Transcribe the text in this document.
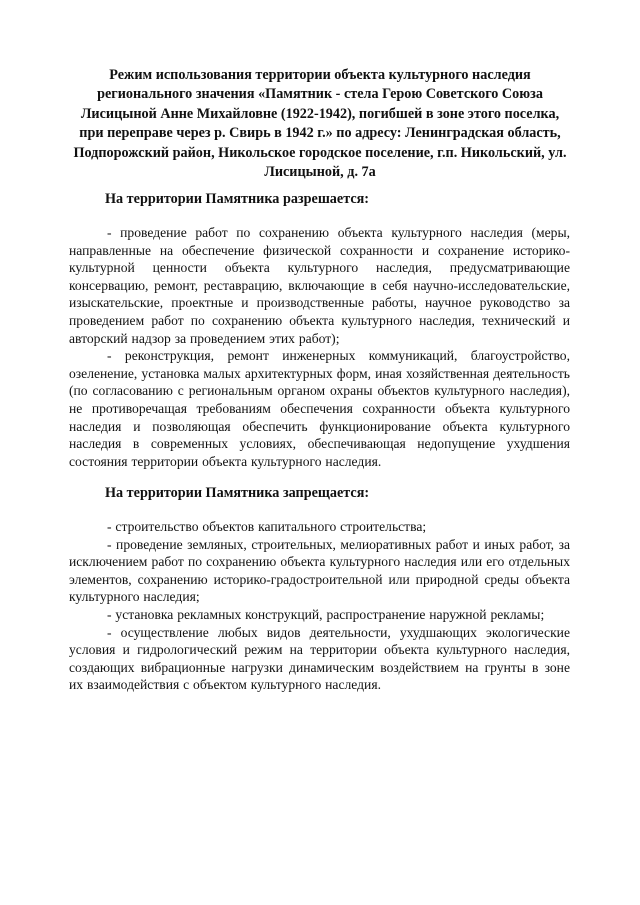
Режим использования территории объекта культурного наследия регионального значения «Памятник - стела Герою Советского Союза Лисицыной Анне Михайловне (1922-1942), погибшей в зоне этого поселка, при переправе через р. Свирь в 1942 г.» по адресу: Ленинградская область, Подпорожский район, Никольское городское поселение, г.п. Никольский, ул. Лисицыной, д. 7а
На территории Памятника разрешается:

- проведение работ по сохранению объекта культурного наследия (меры, направленные на обеспечение физической сохранности и сохранение историко-культурной ценности объекта культурного наследия, предусматривающие консервацию, ремонт, реставрацию, включающие в себя научно-исследовательские, изыскательские, проектные и производственные работы, научное руководство за проведением работ по сохранению объекта культурного наследия, технический и авторский надзор за проведением этих работ);

- реконструкция, ремонт инженерных коммуникаций, благоустройство, озеленение, установка малых архитектурных форм, иная хозяйственная деятельность (по согласованию с региональным органом охраны объектов культурного наследия), не противоречащая требованиям обеспечения сохранности объекта культурного наследия и позволяющая обеспечить функционирование объекта культурного наследия в современных условиях, обеспечивающая недопущение ухудшения состояния территории объекта культурного наследия.

На территории Памятника запрещается:

- строительство объектов капитального строительства;

- проведение земляных, строительных, мелиоративных работ и иных работ, за исключением работ по сохранению объекта культурного наследия или его отдельных элементов, сохранению историко-градостроительной или природной среды объекта культурного наследия;

- установка рекламных конструкций, распространение наружной рекламы;

- осуществление любых видов деятельности, ухудшающих экологические условия и гидрологический режим на территории объекта культурного наследия, создающих вибрационные нагрузки динамическим воздействием на грунты в зоне их взаимодействия с объектом культурного наследия.
